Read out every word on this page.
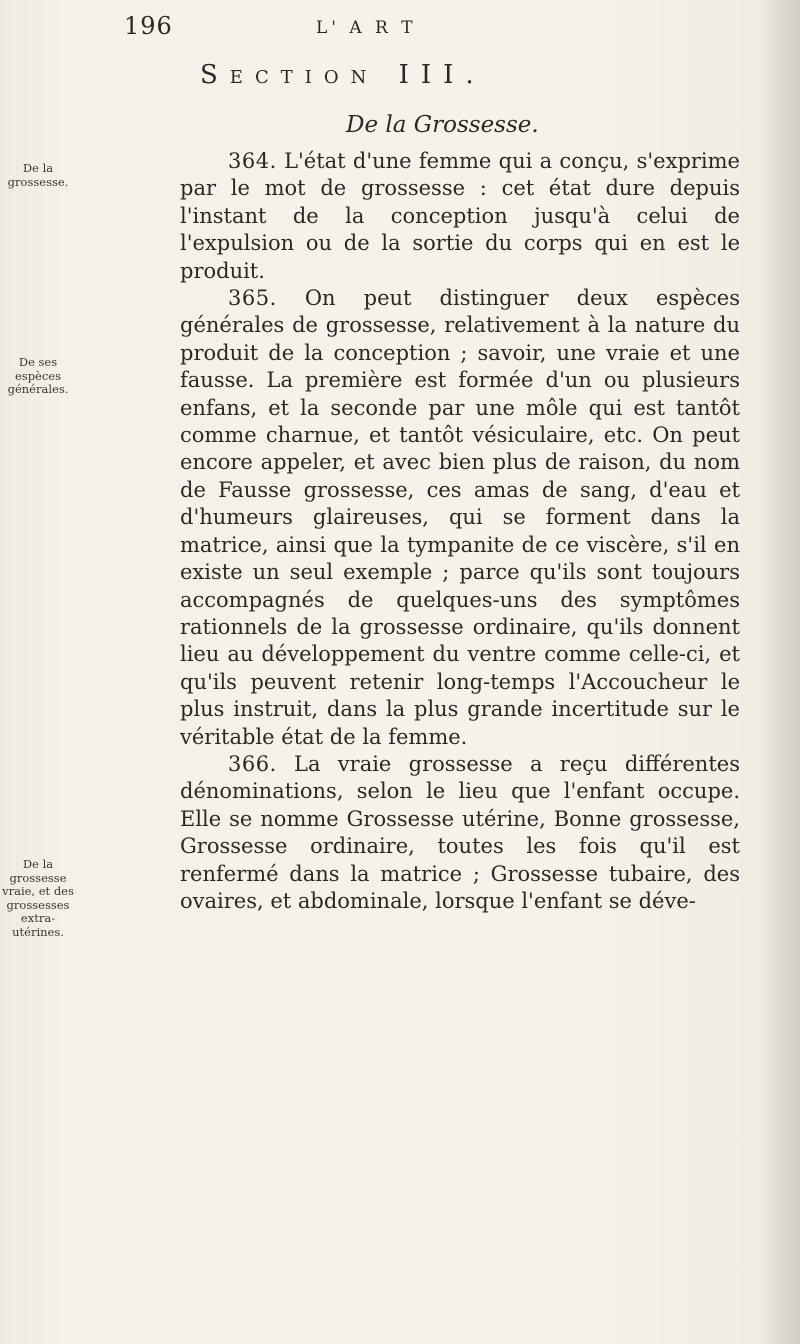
196	L' A R T
Section III.
De la Grossesse.
De la grossesse.
De ses espèces générales.
De la grossesse vraie, et des grossesses extra-utérines.

364. L'état d'une femme qui a conçu, s'exprime par le mot de grossesse : cet état dure depuis l'instant de la conception jusqu'à celui de l'expulsion ou de la sortie du corps qui en est le produit.

365. On peut distinguer deux espèces générales de grossesse, relativement à la nature du produit de la conception ; savoir, une vraie et une fausse. La première est formée d'un ou plusieurs enfans, et la seconde par une môle qui est tantôt comme charnue, et tantôt vésiculaire, etc. On peut encore appeler, et avec bien plus de raison, du nom de Fausse grossesse, ces amas de sang, d'eau et d'humeurs glaireuses, qui se forment dans la matrice, ainsi que la tympanite de ce viscère, s'il en existe un seul exemple ; parce qu'ils sont toujours accompagnés de quelques-uns des symptômes rationnels de la grossesse ordinaire, qu'ils donnent lieu au développement du ventre comme celle-ci, et qu'ils peuvent retenir long-temps l'Accoucheur le plus instruit, dans la plus grande incertitude sur le véritable état de la femme.

366. La vraie grossesse a reçu différentes dénominations, selon le lieu que l'enfant occupe. Elle se nomme Grossesse utérine, Bonne grossesse, Grossesse ordinaire, toutes les fois qu'il est renfermé dans la matrice ; Grossesse tubaire, des ovaires, et abdominale, lorsque l'enfant se déve-
